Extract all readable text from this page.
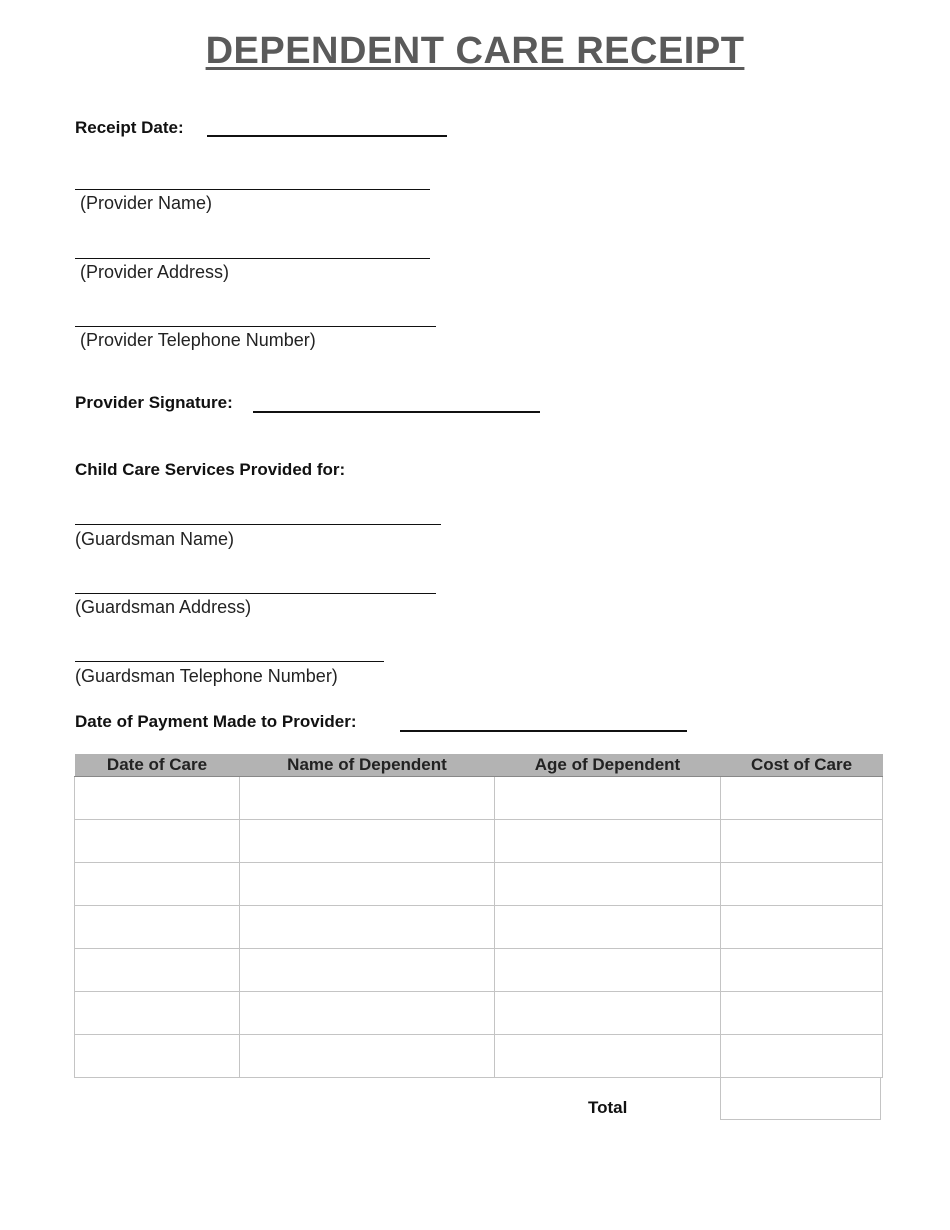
DEPENDENT CARE RECEIPT
Receipt Date:
(Provider Name)
(Provider Address)
(Provider Telephone Number)
Provider Signature:
Child Care Services Provided for:
(Guardsman Name)
(Guardsman Address)
(Guardsman Telephone Number)
Date of Payment Made to Provider:
Date of Care	Name of Dependent	Age of Dependent	Cost of Care

Total
